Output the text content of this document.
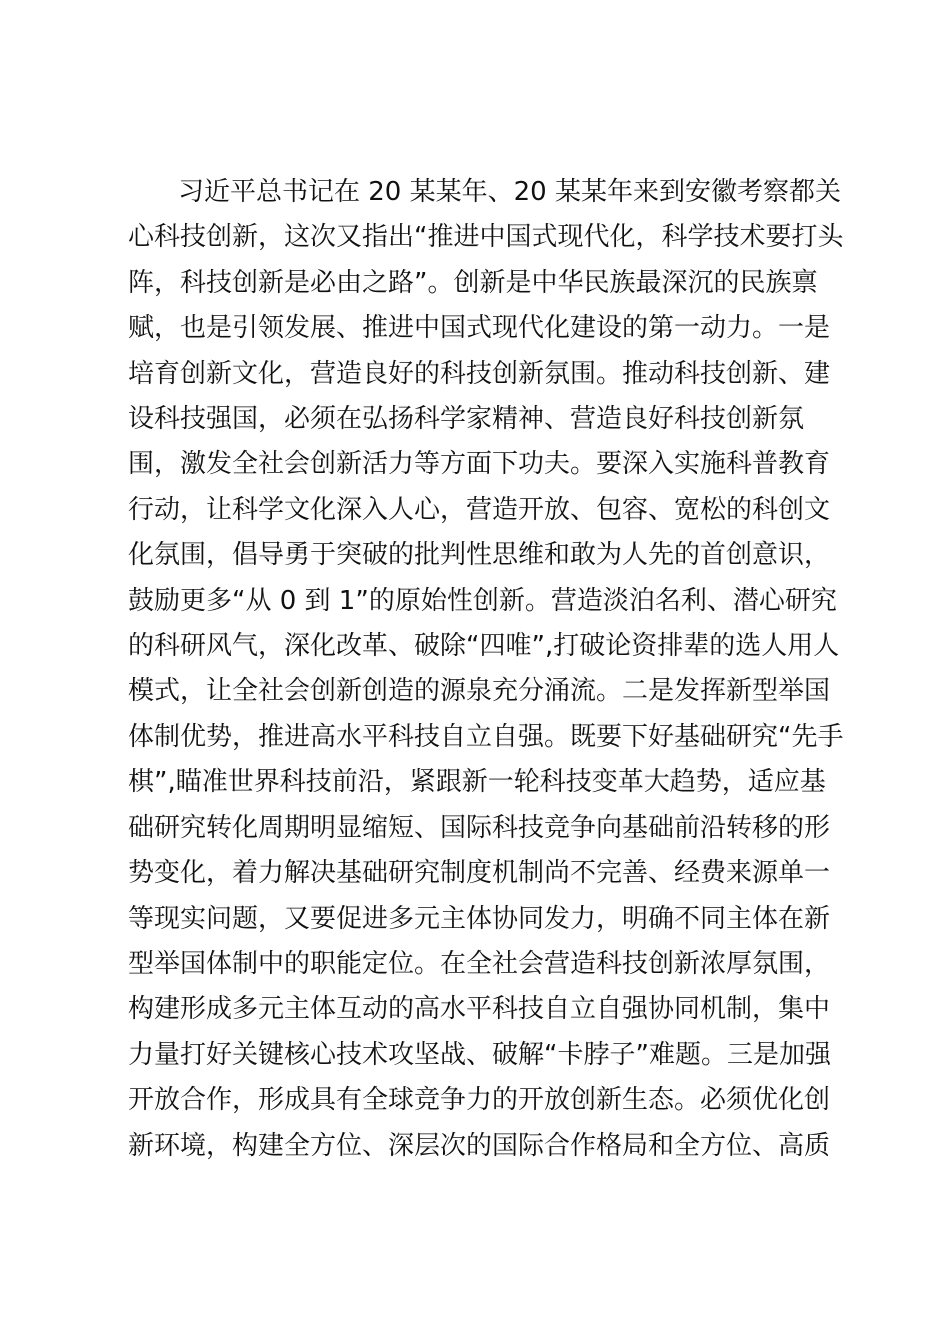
习近平总书记在 20 某某年、20 某某年来到安徽考察都关
心科技创新，这次又指出“推进中国式现代化，科学技术要打头
阵，科技创新是必由之路”。创新是中华民族最深沉的民族禀
赋，也是引领发展、推进中国式现代化建设的第一动力。一是
培育创新文化，营造良好的科技创新氛围。推动科技创新、建
设科技强国，必须在弘扬科学家精神、营造良好科技创新氛
围，激发全社会创新活力等方面下功夫。要深入实施科普教育
行动，让科学文化深入人心，营造开放、包容、宽松的科创文
化氛围，倡导勇于突破的批判性思维和敢为人先的首创意识，
鼓励更多“从 0 到 1”的原始性创新。营造淡泊名利、潜心研究
的科研风气，深化改革、破除“四唯”,打破论资排辈的选人用人
模式，让全社会创新创造的源泉充分涌流。二是发挥新型举国
体制优势，推进高水平科技自立自强。既要下好基础研究“先手
棋”,瞄准世界科技前沿，紧跟新一轮科技变革大趋势，适应基
础研究转化周期明显缩短、国际科技竞争向基础前沿转移的形
势变化，着力解决基础研究制度机制尚不完善、经费来源单一
等现实问题，又要促进多元主体协同发力，明确不同主体在新
型举国体制中的职能定位。在全社会营造科技创新浓厚氛围，
构建形成多元主体互动的高水平科技自立自强协同机制，集中
力量打好关键核心技术攻坚战、破解“卡脖子”难题。三是加强
开放合作，形成具有全球竞争力的开放创新生态。必须优化创
新环境，构建全方位、深层次的国际合作格局和全方位、高质
